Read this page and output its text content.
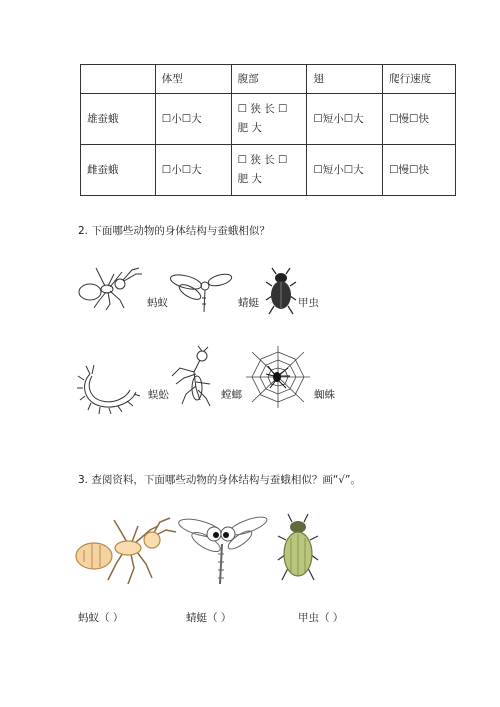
	体型	腹部	翅	爬行速度
雄蚕蛾	☐小☐大	☐ 狭 长 ☐ 肥 大	☐短小☐大	☐慢☐快
雌蚕蛾	☐小☐大	☐ 狭 长 ☐ 肥 大	☐短小☐大	☐慢☐快
2. 下面哪些动物的身体结构与蚕蛾相似？
蚂蚁	蜻蜓	甲虫
蜈蚣	螳螂	蜘蛛
3. 查阅资料，下面哪些动物的身体结构与蚕蛾相似？画“√”。
蚂蚁（ ）	蜻蜓（ ）	甲虫（ ）
